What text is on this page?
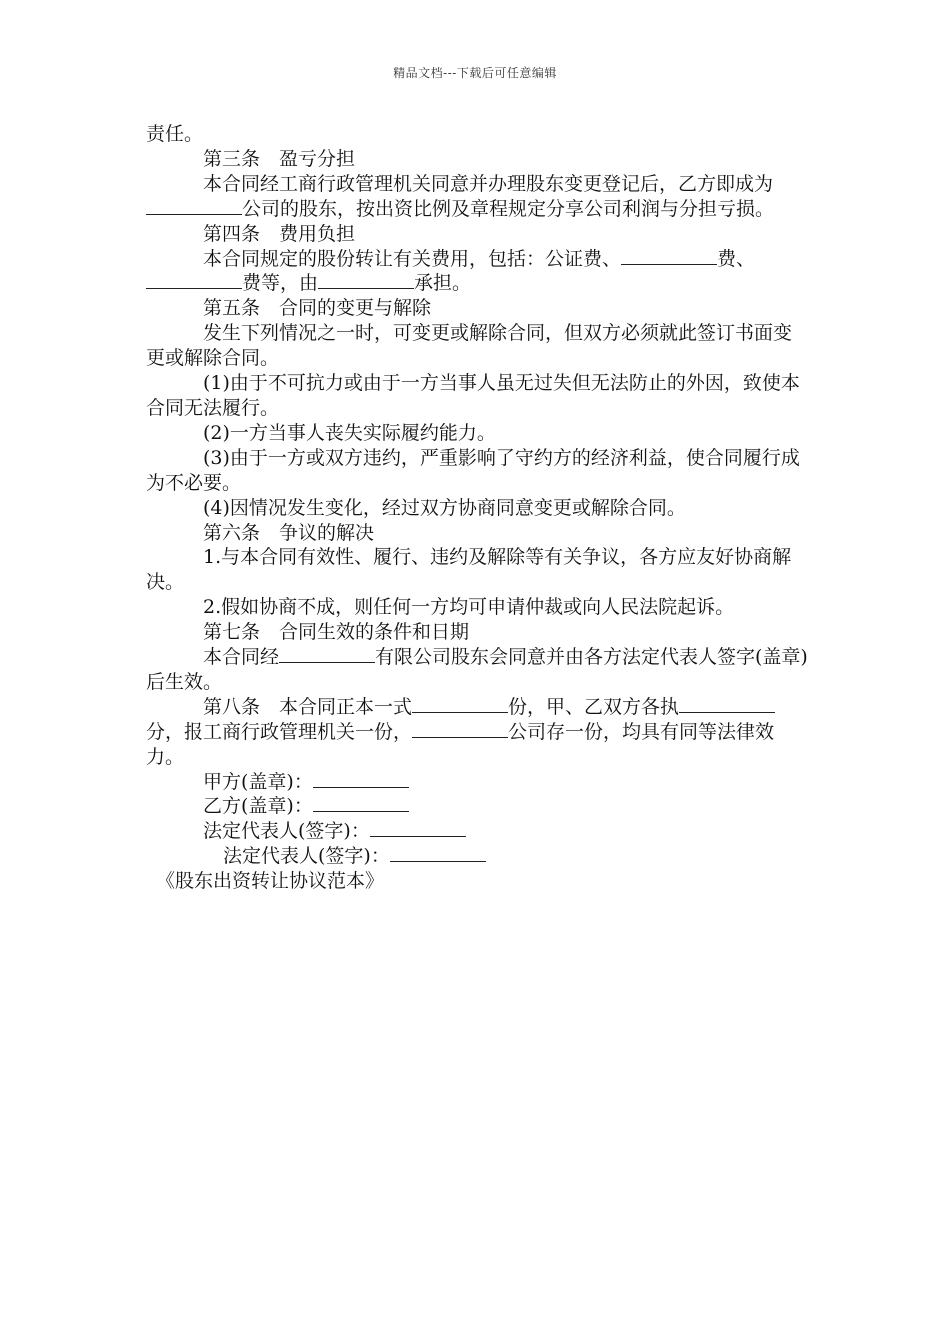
精品文档---下载后可任意编辑

责任。

第三条　盈亏分担

本合同经工商行政管理机关同意并办理股东变更登记后，乙方即成为公司的股东，按出资比例及章程规定分享公司利润与分担亏损。

第四条　费用负担

本合同规定的股份转让有关费用，包括：公证费、	费、费等，由	承担。

第五条　合同的变更与解除

发生下列情况之一时，可变更或解除合同，但双方必须就此签订书面变更或解除合同。

(1)由于不可抗力或由于一方当事人虽无过失但无法防止的外因，致使本合同无法履行。

(2)一方当事人丧失实际履约能力。

(3)由于一方或双方违约，严重影响了守约方的经济利益，使合同履行成为不必要。

(4)因情况发生变化，经过双方协商同意变更或解除合同。

第六条　争议的解决

1.与本合同有效性、履行、违约及解除等有关争议，各方应友好协商解决。

2.假如协商不成，则任何一方均可申请仲裁或向人民法院起诉。

第七条　合同生效的条件和日期

本合同经	有限公司股东会同意并由各方法定代表人签字(盖章)后生效。

第八条　本合同正本一式	份，甲、乙双方各执分，报工商行政管理机关一份，	公司存一份，均具有同等法律效力。

甲方(盖章)：

乙方(盖章)：

法定代表人(签字)：

法定代表人(签字)：

《股东出资转让协议范本》
